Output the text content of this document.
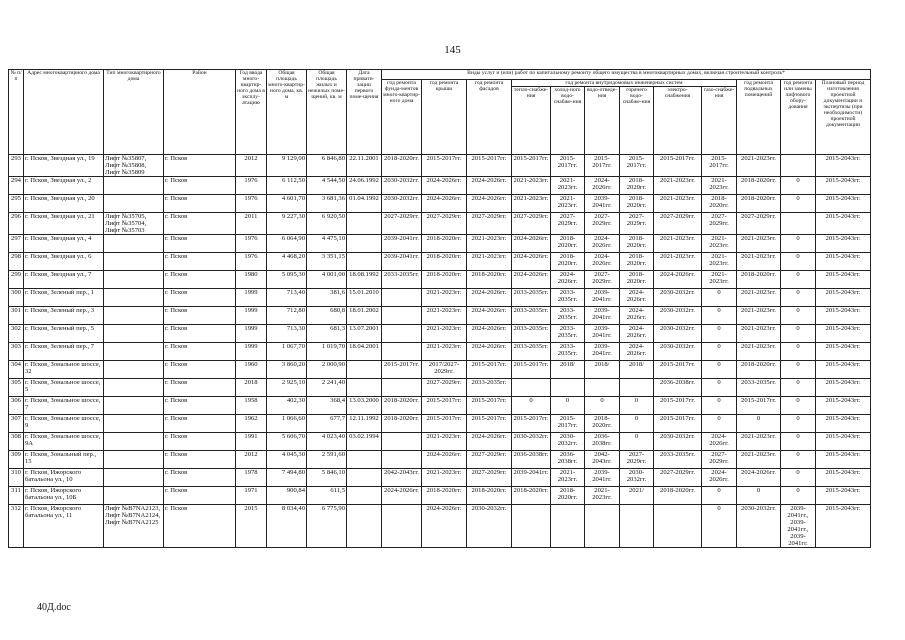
145
№ п/п	Адрес многоквартирного дома	Тип многоквартирного дома	Район	Год ввода много-квартир-ного дома в эксплу-атацию	Общая площадь много-квартир-ного дома, кв. м	Общая площадь жилых и нежилых поме-щений, кв. м	Дата привати-зации первого поме-щения	Виды услуг и (или) работ по капитальному ремонту общего имущества в многоквартирных домах, включая строительный контроль*											
								год ремонта фунда-ментов много-квартир-ного дома	год ремонта крыши	год ремонта фасадов	год ремонта внутридомовых инженерных систем						год ремонта подвальных помещений	год ремонта или замены лифтового обору-дования	Плановый период изготовления проектной документации и экспертизы (при необходимости) проектной документации
											тепло-снабже-ния	холод-ного водо-снабже-ния	водо-отведе-ния	горячего водо-снабже-ния	электро-снабжения	газо-снабже-ния			
293	г. Псков, Звездная ул., 19	Лифт №35807, Лифт №35808, Лифт №35809	г. Псков	2012	9 129,00	6 846,80	22.11.2001	2018-2020гг.	2015-2017гг.	2015-2017гг.	2015-2017гг.	2015-2017гг.	2015-2017гг.	2015-2017гг.	2015-2017гг.	2015-2017гг.	2021-2023гг.		2015-2043гг.
294	г. Псков, Звездная ул., 2		г. Псков	1976	6 112,50	4 544,50	24.06.1992	2030-2032гг.	2024-2026гг.	2024-2026гг.	2021-2023гг.	2021-2023гг.	2024-2026гг.	2018-2020гг.	2021-2023гг.	2021-2023гг.	2018-2020гг.	0	2015-2043гг.
295	г. Псков, Звездная ул., 20		г. Псков	1976	4 601,70	3 681,36	01.04.1992	2030-2032гг.	2024-2026гг.	2024-2026гг.	2021-2023гг.	2021-2023гг.	2039-2041гг.	2018-2020гг.	2021-2023гг.	2018-2020гг.	2018-2020гг.	0	2015-2043гг.
296	г. Псков, Звездная ул., 21	Лифт №35705, Лифт №35704, Лифт №35703	г. Псков	2011	9 227,30	6 920,50		2027-2029гг.	2027-2029гг.	2027-2029гг.	2027-2029гг.	2027-2029гг.	2027-2029гг.	2027-2029гг.	2027-2029гг.	2027-2029гг.	2027-2029гг.		2015-2043гг.
297	г. Псков, Звездная ул., 4		г. Псков	1976	6 064,90	4 475,10		2039-2041гг.	2018-2020гг.	2021-2023гг.	2024-2026гг.	2018-2020гг.	2024-2026гг.	2018-2020гг.	2021-2023гг.	2021-2023гг.	2021-2023гг.	0	2015-2043гг.
298	г. Псков, Звездная ул., 6		г. Псков	1976	4 468,20	3 351,15		2039-2041гг.	2018-2020гг.	2021-2023гг.	2024-2026гг.	2018-2020гг.	2024-2026гг.	2018-2020гг.	2021-2023гг.	2021-2023гг.	2021-2023гг.	0	2015-2043гг.
299	г. Псков, Звездная ул., 7		г. Псков	1980	5 095,30	4 001,00	18.08.1992	2033-2035гг.	2018-2020гг.	2018-2020гг.	2024-2026гг.	2024-2026гг.	2027-2029гг.	2018-2020гг.	2024-2026гг.	2021-2023гг.	2018-2020гг.	0	2015-2043гг.
300	г. Псков, Зеленый пер., 1		г. Псков	1999	713,40	381,6	15.01.2010		2021-2023гг.	2024-2026гг.	2033-2035гг.	2033-2035гг.	2039-2041гг.	2024-2026гг.	2030-2032гг.	0	2021-2023гг.	0	2015-2043гг.
301	г. Псков, Зеленый пер., 3		г. Псков	1999	712,80	680,8	18.01.2002		2021-2023гг.	2024-2026гг.	2033-2035гг.	2033-2035гг.	2039-2041гг.	2024-2026гг.	2030-2032гг.	0	2021-2023гг.	0	2015-2043гг.
302	г. Псков, Зеленый пер., 5		г. Псков	1999	713,30	681,3	13.07.2001		2021-2023гг.	2024-2026гг.	2033-2035гг.	2033-2035гг.	2039-2041гг.	2024-2026гг.	2030-2032гг.	0	2021-2023гг.	0	2015-2043гг.
303	г. Псков, Зеленый пер., 7		г. Псков	1999	1 067,70	1 019,70	18.04.2001		2021-2023гг.	2024-2026гг.	2033-2035гг.	2033-2035гг.	2039-2041гг.	2024-2026гг.	2030-2032гг.	0	2021-2023гг.	0	2015-2043гг.
304	г. Псков, Зональное шоссе, 32		г. Псков	1960	3 860,20	2 000,90		2015-2017гг.	2017/2027-2029гг.	2015-2017гг.	2015-2017гг.	2018/	2018/	2018/	2015-2017гг.	0	2018-2020гг.	0	2015-2043гг.
305	г. Псков, Зональное шоссе, 5		г. Псков	2018	2 925,10	2 241,40			2027-2029гг.	2033-2035гг.					2036-2038гг.	0	2033-2035гг.	0	2015-2043гг.
306	г. Псков, Зональное шоссе, 7		г. Псков	1958	402,30	368,4	13.03.2000	2018-2020гг.	2015-2017гг.	2015-2017гг.	0	0	0	0	2015-2017гг.	0	2015-2017гг.	0	2015-2043гг.
307	г. Псков, Зональное шоссе, 9		г. Псков	1962	1 066,60	677,7	12.11.1992	2018-2020гг.	2015-2017гг.	2015-2017гг.	2015-2017гг.	2015-2017гг.	2018-2020гг.	0	2015-2017гг.	0	0	0	2015-2043гг.
308	г. Псков, Зональное шоссе, 9А		г. Псков	1991	5 606,70	4 023,40	03.02.1994		2021-2023гг.	2024-2026гг.	2030-2032гг.	2030-2032гг.	2036-2038гг.	0	2030-2032гг.	2024-2026гг.	2021-2023гг.	0	2015-2043гг.
309	г. Псков, Зональный пер., 15		г. Псков	2012	4 045,30	2 591,60			2024-2026гг.	2027-2029гг.	2036-2038гг.	2036-2038гг.	2042-2043гг.	2027-2029гг.	2033-2035гг.	2027-2029гг.	2021-2023гг.	0	2015-2043гг.
310	г. Псков, Ижорского батальона ул., 10		г. Псков	1978	7 494,80	5 846,10		2042-2043гг.	2021-2023гг.	2027-2029гг.	2039-2041гг.	2021-2023гг.	2039-2041гг.	2030-2032гг.	2027-2029гг.	2024-2026гг.	2024-2026гг.	0	2015-2043гг.
311	г. Псков, Ижорского батальона ул., 10Б		г. Псков	1971	900,84	611,5		2024-2026гг.	2018-2020гг.	2018-2020гг.	2018-2020гг.	2018-2020гг.	2021-2023гг.	2021/	2018-2020гг.	0	0	0	2015-2043гг.
312	г. Псков, Ижорского батальона ул., 11	Лифт №В7NA2123, Лифт №В7NA2124, Лифт №В7NA2125	г. Псков	2015	8 034,40	6 775,90			2024-2026гг.	2030-2032гг.						0	2030-2032гг.	2039-2041гг., 2039-2041гг., 2039-2041гг.	2015-2043гг.
40Д.doc
